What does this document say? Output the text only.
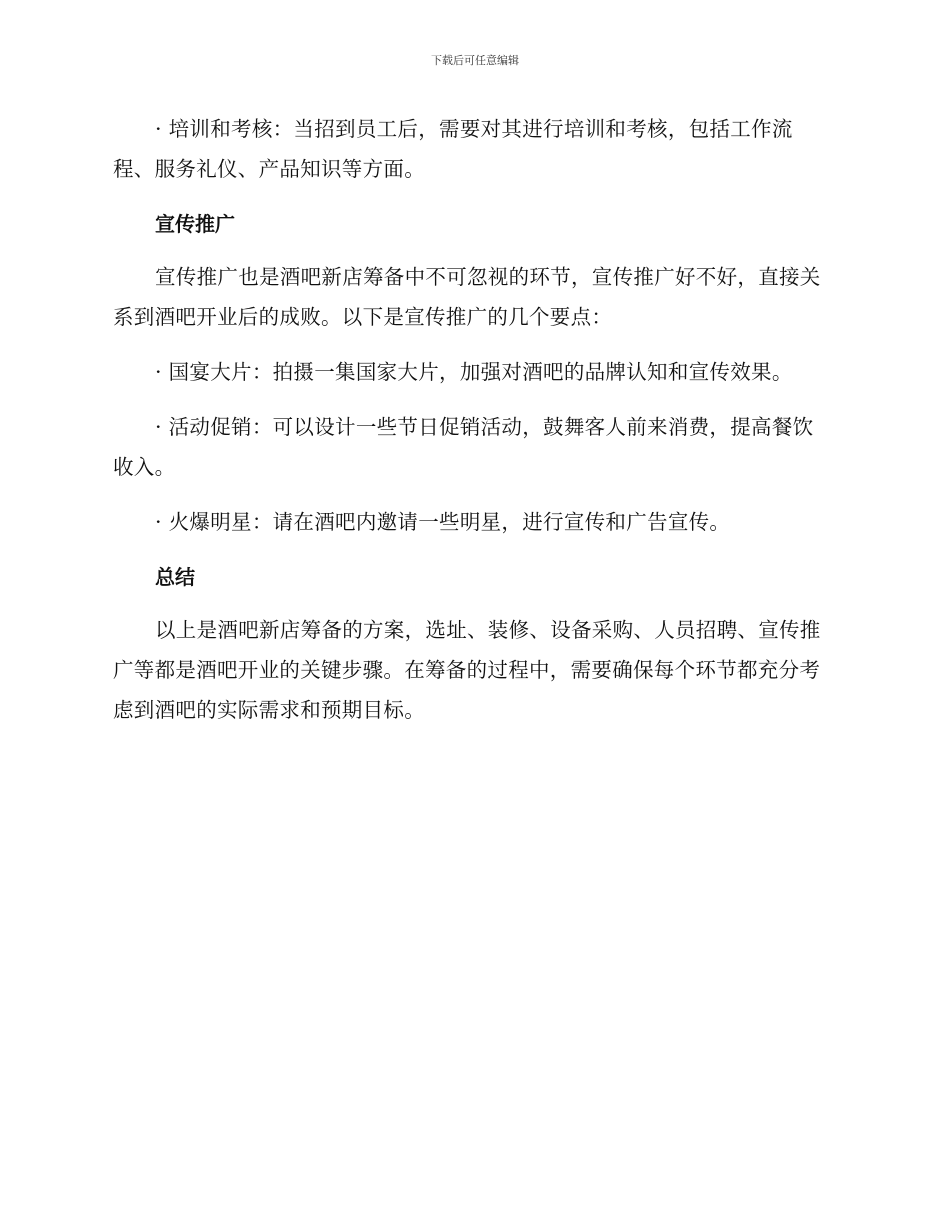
下载后可任意编辑

· 培训和考核：当招到员工后，需要对其进行培训和考核，包括工作流程、服务礼仪、产品知识等方面。

宣传推广

宣传推广也是酒吧新店筹备中不可忽视的环节，宣传推广好不好，直接关系到酒吧开业后的成败。以下是宣传推广的几个要点：

· 国宴大片：拍摄一集国家大片，加强对酒吧的品牌认知和宣传效果。

· 活动促销：可以设计一些节日促销活动，鼓舞客人前来消费，提高餐饮收入。

· 火爆明星：请在酒吧内邀请一些明星，进行宣传和广告宣传。

总结

以上是酒吧新店筹备的方案，选址、装修、设备采购、人员招聘、宣传推广等都是酒吧开业的关键步骤。在筹备的过程中，需要确保每个环节都充分考虑到酒吧的实际需求和预期目标。
